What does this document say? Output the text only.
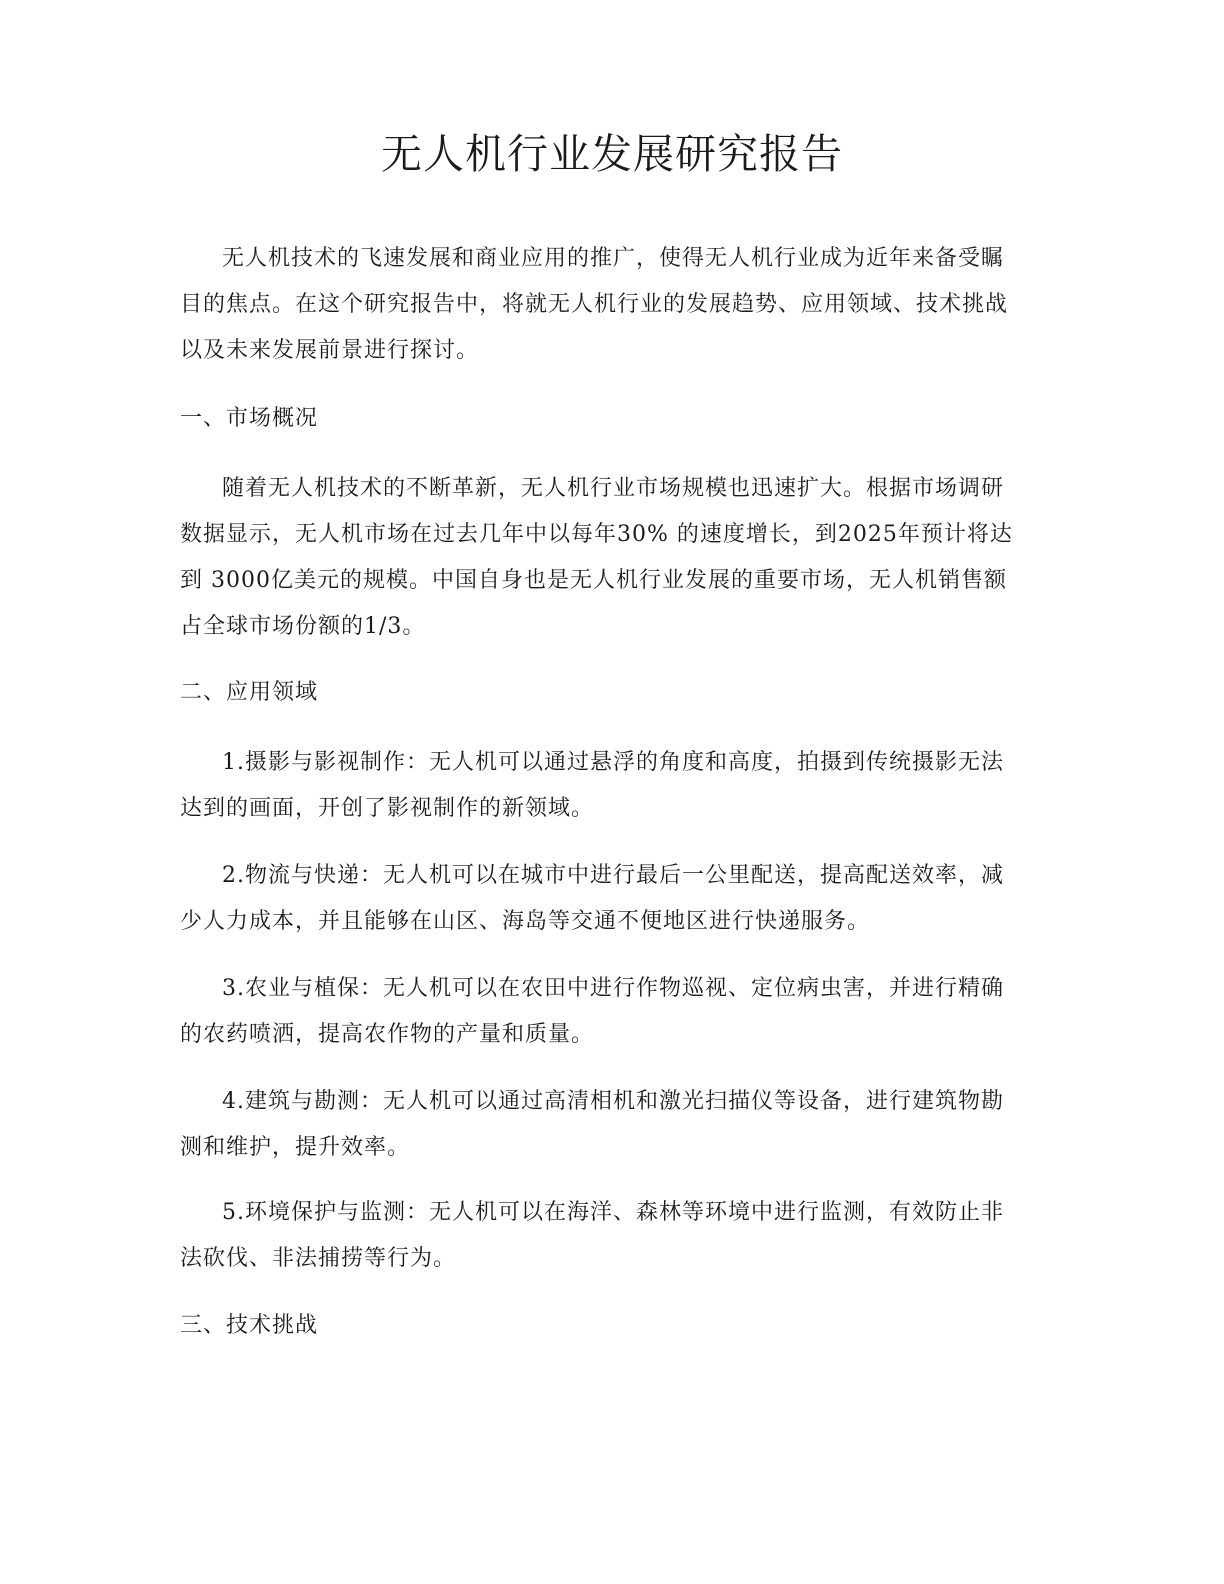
无人机行业发展研究报告

无人机技术的飞速发展和商业应用的推广，使得无人机行业成为近年来备受瞩
目的焦点。在这个研究报告中，将就无人机行业的发展趋势、应用领域、技术挑战
以及未来发展前景进行探讨。

一、市场概况

随着无人机技术的不断革新，无人机行业市场规模也迅速扩大。根据市场调研
数据显示，无人机市场在过去几年中以每年30% 的速度增长，到2025年预计将达
到 3000亿美元的规模。中国自身也是无人机行业发展的重要市场，无人机销售额
占全球市场份额的1/3。

二、应用领域

1.摄影与影视制作：无人机可以通过悬浮的角度和高度，拍摄到传统摄影无法
达到的画面，开创了影视制作的新领域。

2.物流与快递：无人机可以在城市中进行最后一公里配送，提高配送效率，减
少人力成本，并且能够在山区、海岛等交通不便地区进行快递服务。

3.农业与植保：无人机可以在农田中进行作物巡视、定位病虫害，并进行精确
的农药喷洒，提高农作物的产量和质量。

4.建筑与勘测：无人机可以通过高清相机和激光扫描仪等设备，进行建筑物勘
测和维护，提升效率。

5.环境保护与监测：无人机可以在海洋、森林等环境中进行监测，有效防止非
法砍伐、非法捕捞等行为。

三、技术挑战
